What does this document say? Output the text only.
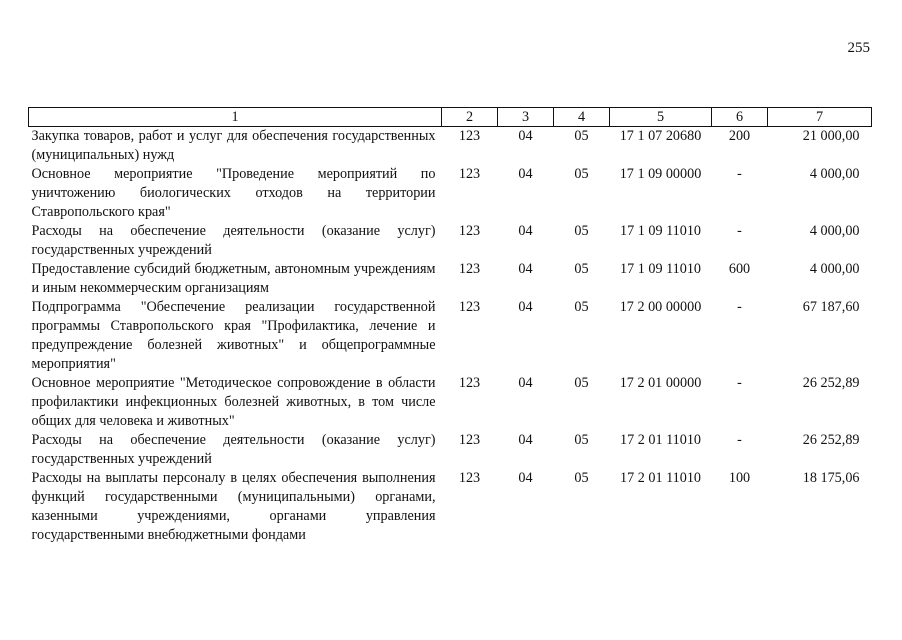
255
1	2	3	4	5	6	7
Закупка товаров, работ и услуг для обеспечения государственных (муниципальных) нужд	123	04	05	17 1 07 20680	200	21 000,00
Основное мероприятие "Проведение мероприятий по уничтожению биологических отходов на территории Ставропольского края"	123	04	05	17 1 09 00000	-	4 000,00
Расходы на обеспечение деятельности (оказание услуг) государственных учреждений	123	04	05	17 1 09 11010	-	4 000,00
Предоставление субсидий бюджетным, автономным учреждениям и иным некоммерческим организациям	123	04	05	17 1 09 11010	600	4 000,00
Подпрограмма "Обеспечение реализации государственной программы Ставропольского края "Профилактика, лечение и предупреждение болезней животных" и общепрограммные мероприятия"	123	04	05	17 2 00 00000	-	67 187,60
Основное мероприятие "Методическое сопровождение в области профилактики инфекционных болезней животных, в том числе общих для человека и животных"	123	04	05	17 2 01 00000	-	26 252,89
Расходы на обеспечение деятельности (оказание услуг) государственных учреждений	123	04	05	17 2 01 11010	-	26 252,89
Расходы на выплаты персоналу в целях обеспечения выполнения функций государственными (муниципальными) органами, казенными учреждениями, органами управления государственными внебюджетными фондами	123	04	05	17 2 01 11010	100	18 175,06
